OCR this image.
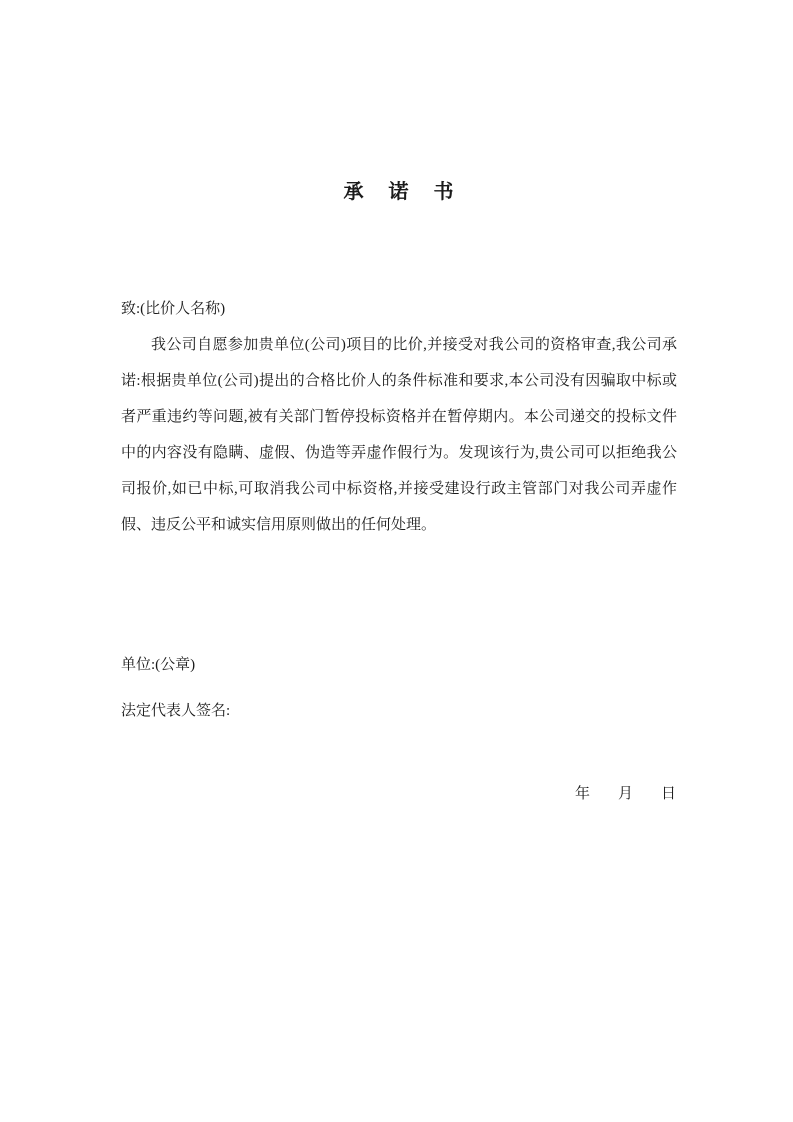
承 诺 书

致:(比价人名称)

我公司自愿参加贵单位(公司)项目的比价,并接受对我公司的资格审查,我公司承诺:根据贵单位(公司)提出的合格比价人的条件标准和要求,本公司没有因骗取中标或者严重违约等问题,被有关部门暂停投标资格并在暂停期内。本公司递交的投标文件中的内容没有隐瞒、虚假、伪造等弄虚作假行为。发现该行为,贵公司可以拒绝我公司报价,如已中标,可取消我公司中标资格,并接受建设行政主管部门对我公司弄虚作假、违反公平和诚实信用原则做出的任何处理。

单位:(公章)

法定代表人签名:

年 月 日
